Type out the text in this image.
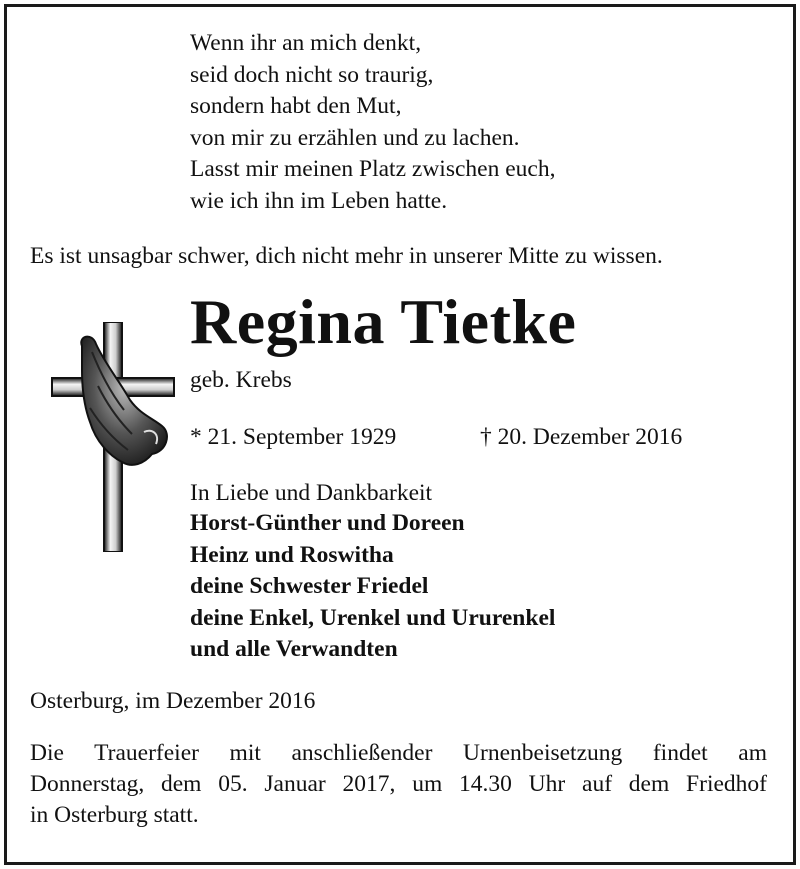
Wenn ihr an mich denkt,
seid doch nicht so traurig,
sondern habt den Mut,
von mir zu erzählen und zu lachen.
Lasst mir meinen Platz zwischen euch,
wie ich ihn im Leben hatte.
Es ist unsagbar schwer, dich nicht mehr in unserer Mitte zu wissen.
Regina Tietke
geb. Krebs
* 21. September 1929	† 20. Dezember 2016
In Liebe und Dankbarkeit
Horst-Günther und Doreen
Heinz und Roswitha
deine Schwester Friedel
deine Enkel, Urenkel und Ururenkel
und alle Verwandten
Osterburg, im Dezember 2016
Die Trauerfeier mit anschließender Urnenbeisetzung findet am
Donnerstag, dem 05. Januar 2017, um 14.30 Uhr auf dem Friedhof
in Osterburg statt.
